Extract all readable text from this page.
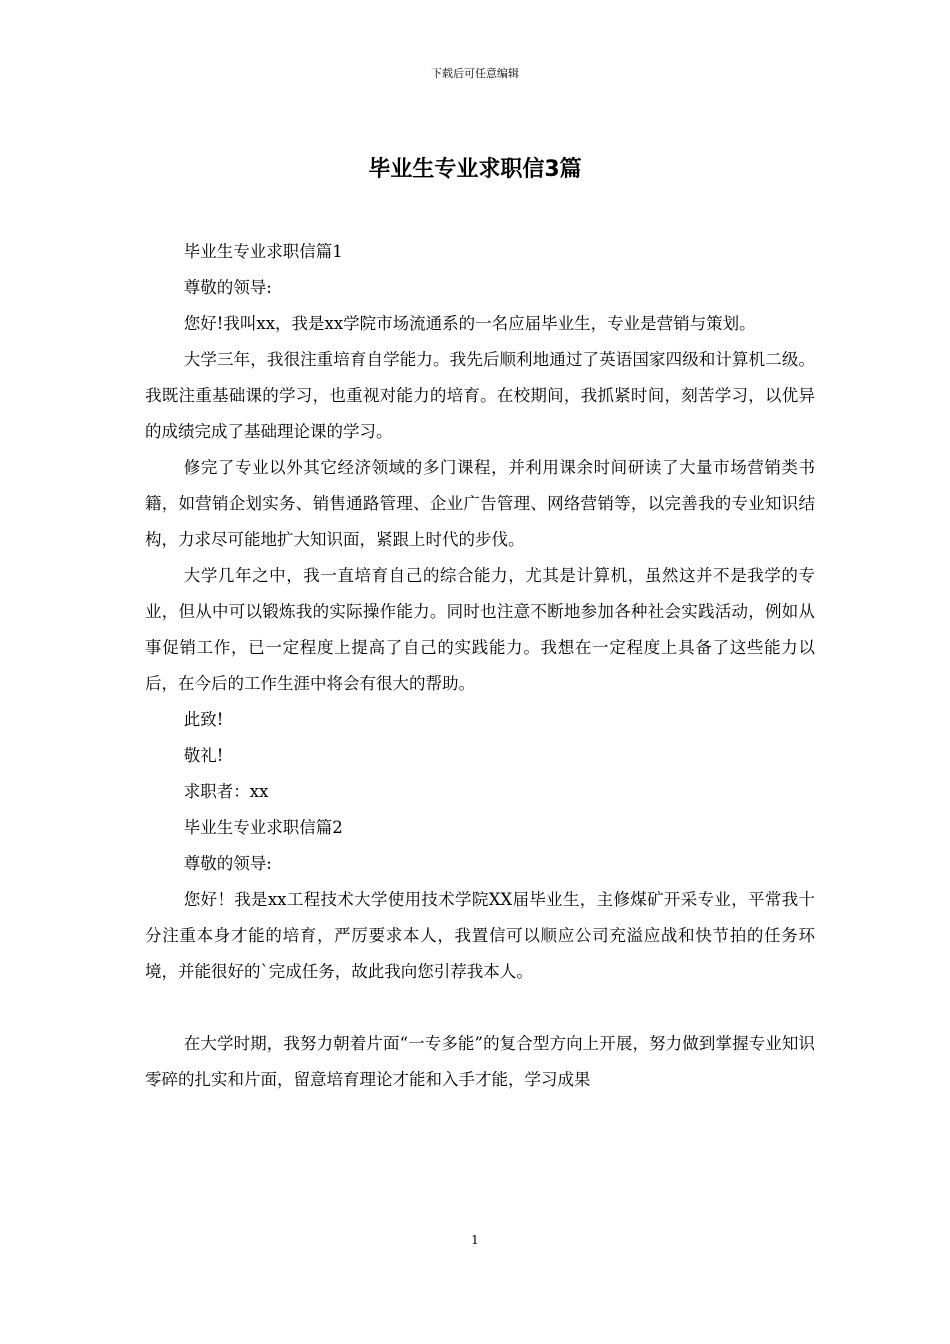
下载后可任意编辑
毕业生专业求职信3篇

毕业生专业求职信篇1

尊敬的领导:

您好!我叫xx，我是xx学院市场流通系的一名应届毕业生，专业是营销与策划。

大学三年，我很注重培育自学能力。我先后顺利地通过了英语国家四级和计算机二级。我既注重基础课的学习，也重视对能力的培育。在校期间，我抓紧时间，刻苦学习，以优异的成绩完成了基础理论课的学习。

修完了专业以外其它经济领域的多门课程，并利用课余时间研读了大量市场营销类书籍，如营销企划实务、销售通路管理、企业广告管理、网络营销等，以完善我的专业知识结构，力求尽可能地扩大知识面，紧跟上时代的步伐。

大学几年之中，我一直培育自己的综合能力，尤其是计算机，虽然这并不是我学的专业，但从中可以锻炼我的实际操作能力。同时也注意不断地参加各种社会实践活动，例如从事促销工作，已一定程度上提高了自己的实践能力。我想在一定程度上具备了这些能力以后，在今后的工作生涯中将会有很大的帮助。

此致!

敬礼!

求职者：xx

毕业生专业求职信篇2

尊敬的领导:

您好！我是xx工程技术大学使用技术学院XX届毕业生，主修煤矿开采专业，平常我十分注重本身才能的培育，严厉要求本人，我置信可以顺应公司充溢应战和快节拍的任务环境，并能很好的`完成任务，故此我向您引荐我本人。

在大学时期，我努力朝着片面“一专多能”的复合型方向上开展，努力做到掌握专业知识零碎的扎实和片面，留意培育理论才能和入手才能，学习成果

1
